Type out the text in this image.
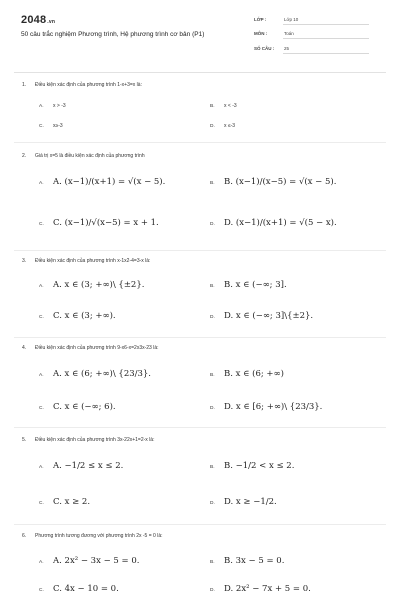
2048.vn
50 câu trắc nghiệm Phương trình, Hệ phương trình cơ bản (P1)
LỚP :	Lớp 10
MÔN :	Toán
SỐ CÂU : 25
1. Điều kiện xác định của phương trình 1-x+3=x là:
A. x > -3	B. x < -3
C. x≥-3	D. x ≤-3
2. Giá trị x=5 là điều kiện xác định của phương trình
A. A. (x−1)/(x+1) = √(x − 5).	B. B. (x−1)/(x−5) = √(x − 5).
C. C. (x−1)/√(x−5) = x + 1.	D. D. (x−1)/(x+1) = √(5 − x).
3. Điều kiện xác định của phương trình x-1x2-4=3-x là:
A. A. x ∈ (3; +∞)\ {±2}.	B. B. x ∈ (−∞; 3].
C. C. x ∈ (3; +∞).	D. D. x ∈ (−∞; 3]\{±2}.
4. Điều kiện xác định của phương trình 9-x6-x=2x3x-23 là:
A. A. x ∈ (6; +∞)\ {23/3}.	B. B. x ∈ (6; +∞)
C. C. x ∈ (−∞; 6).	D. D. x ∈ [6; +∞)\ {23/3}.
5. Điều kiện xác định của phương trình 3x-22x+1=2-x là:
A. A. −1/2 ≤ x ≤ 2.	B. B. −1/2 < x ≤ 2.
C. C. x ≥ 2.	D. D. x ≥ −1/2.
6. Phương trình tương đương với phương trình 2x -5 = 0 là:
A. A. 2x² − 3x − 5 = 0.	B. B. 3x − 5 = 0.
C. C. 4x − 10 = 0.	D. D. 2x² − 7x + 5 = 0.
